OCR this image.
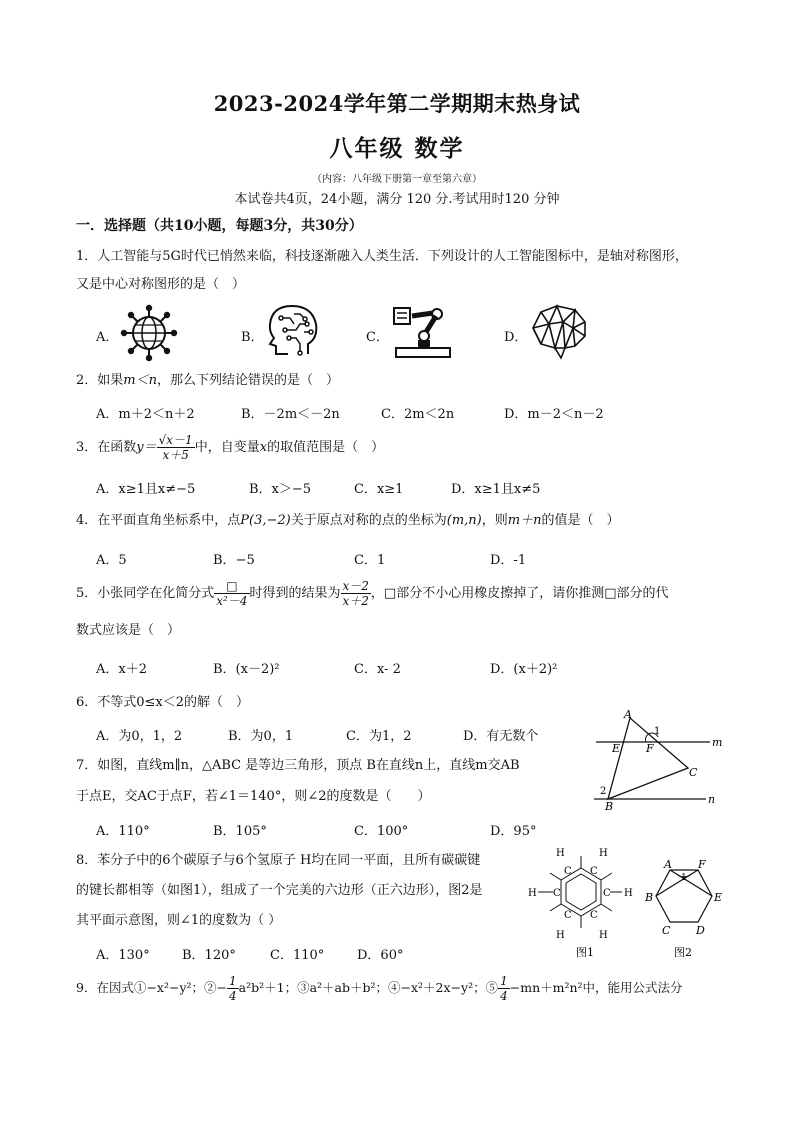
2023-2024学年第二学期期末热身试
八年级 数学
（内容：八年级下册第一章至第六章）
本试卷共4页，24小题，满分 120 分.考试用时120 分钟
一．选择题（共10小题，每题3分，共30分）
1．人工智能与5G时代已悄然来临，科技逐渐融入人类生活．下列设计的人工智能图标中，是轴对称图形，
又是中心对称图形的是（　）
A．	B．	C．	D．
2．如果m＜n，那么下列结论错误的是（　）
A．m＋2＜n＋2	B．－2m＜－2n	C．2m＜2n	D．m－2＜n－2
3．在函数$y= \frac{√x-1}{x+5}$ 中，自变量x的取值范围是（　）
A．x≥1且x≠−5	B．x＞−5	C．x≥1	D．x≥1且x≠5
4．在平面直角坐标系中，点P(3,−2)关于原点对称的点的坐标为(m,n)，则m＋n的值是（　）
A．5	B．−5	C．1	D．-1
5．小张同学在化简分式 $\frac{□}{\text{x²－4}}$ 时得到的结果为 $\frac{x-2}{x+2}$ ，□部分不小心用橡皮擦掉了，请你推测□部分的代
数式应该是（　）
A．x＋2	B．(x－2)²	C．x- 2	D．(x＋2)²
6．不等式0≤x＜2的解（　）
A．为0，1，2	B．为0，1	C．为1，2	D．有无数个
A
B
C
E F	m
n
1
2
7．如图，直线m∥n，△ABC 是等边三角形，顶点 B在直线n上，直线m交AB
于点E，交AC于点F，若∠1＝140°，则∠2的度数是（　　）
A．110°	B．105°	C．100°	D．95°
8．苯分子中的6个碳原子与6个氢原子 H均在同一平面，且所有碳碳键
的键长都相等（如图1），组成了一个完美的六边形（正六边形），图2是
其平面示意图，则∠1的度数为（ ）
A．130° B．120°	C．110°	D．60°
H	H
C C
H C	C H
C C
H	H
图1
A F
B	E
C D
1
图2
9．在因式①−x²−y²；②− $\frac{1}{4} a^2b^2+1$；③a²＋ab＋b²；④−x²＋2x−y²；⑤ $\frac{1}{4} -mn+m^2n^2$中，能用公式法分
